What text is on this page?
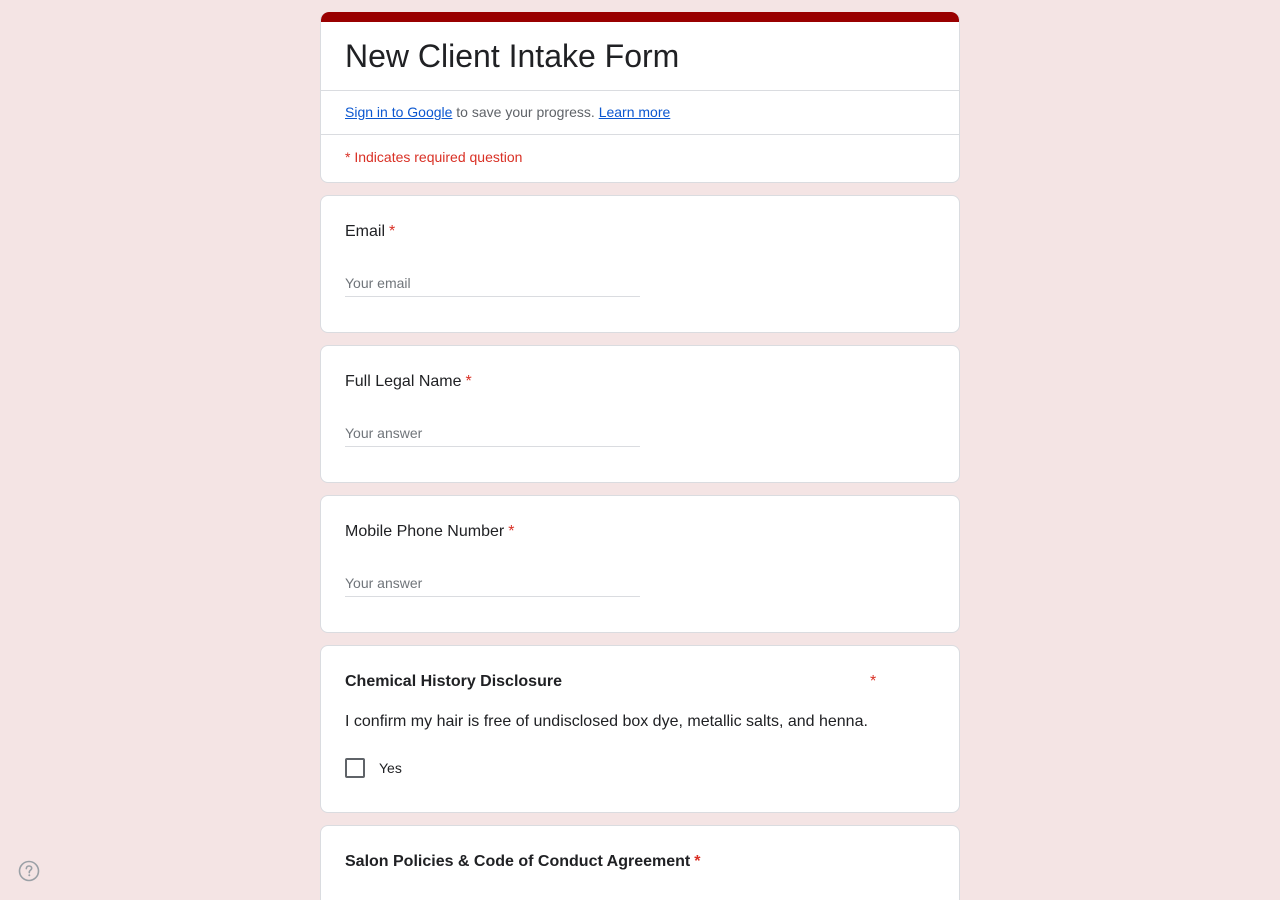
New Client Intake Form
Sign in to Google to save your progress. Learn more
* Indicates required question
Email *
Your email
Full Legal Name *
Your answer
Mobile Phone Number *
Your answer
Chemical History Disclosure	*
I confirm my hair is free of undisclosed box dye, metallic salts, and henna.
Yes
Salon Policies & Code of Conduct Agreement *
